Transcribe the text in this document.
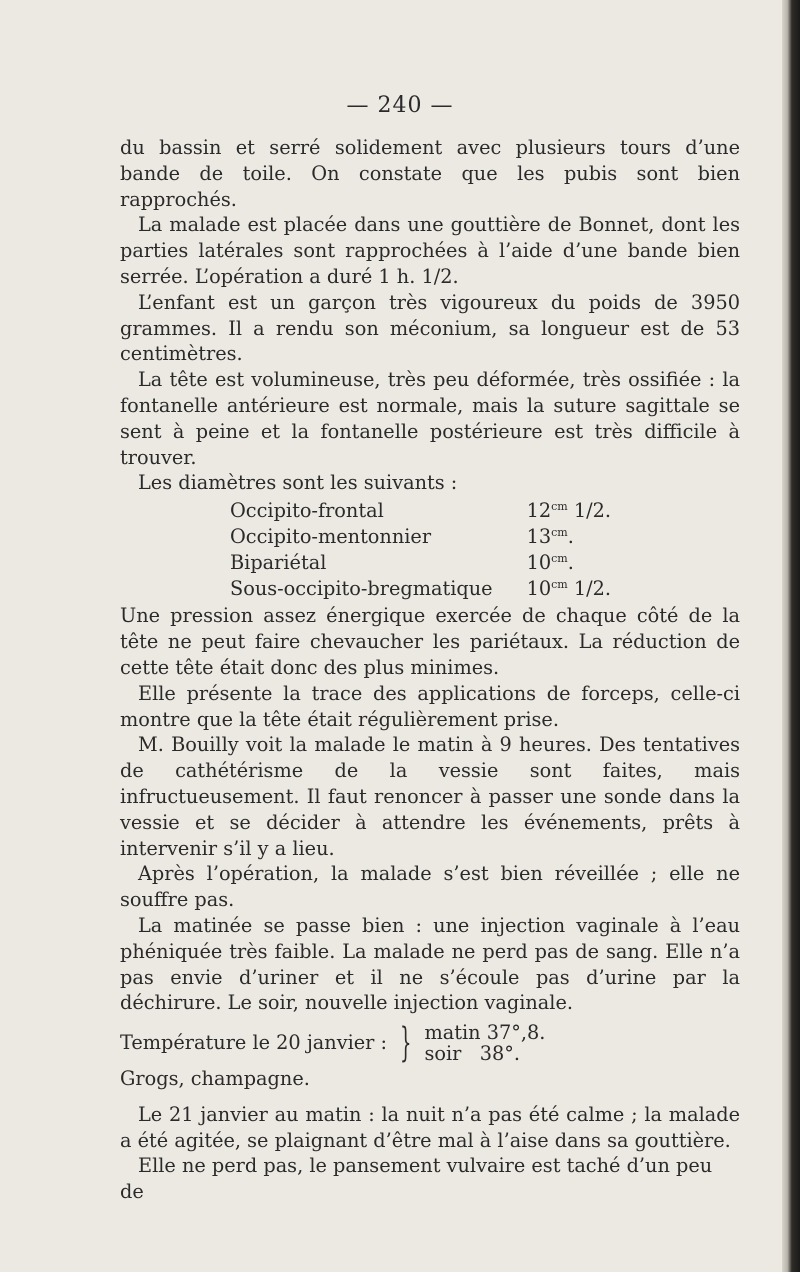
— 240 —

du bassin et serré solidement avec plusieurs tours d’une bande de toile. On constate que les pubis sont bien rapprochés.

La malade est placée dans une gouttière de Bonnet, dont les parties latérales sont rapprochées à l’aide d’une bande bien serrée. L’opération a duré 1 h. 1/2.

L’enfant est un garçon très vigoureux du poids de 3950 grammes. Il a rendu son méconium, sa longueur est de 53 centimètres.

La tête est volumineuse, très peu déformée, très ossifiée : la fontanelle antérieure est normale, mais la suture sagittale se sent à peine et la fontanelle postérieure est très difficile à trouver.

Les diamètres sont les suivants :

Occipito-frontal	$12^{cm}$ 1/2.
Occipito-mentonnier	$13^{cm}$.
Bipariétal	$10^{cm}$.
Sous-occipito-bregmatique	$10^{cm}$ 1/2.

Une pression assez énergique exercée de chaque côté de la tête ne peut faire chevaucher les pariétaux. La réduction de cette tête était donc des plus minimes.

Elle présente la trace des applications de forceps, celle-ci montre que la tête était régulièrement prise.

M. Bouilly voit la malade le matin à 9 heures. Des tentatives de cathétérisme de la vessie sont faites, mais infructueusement. Il faut renoncer à passer une sonde dans la vessie et se décider à attendre les événements, prêts à intervenir s’il y a lieu.

Après l’opération, la malade s’est bien réveillée ; elle ne souffre pas.

La matinée se passe bien : une injection vaginale à l’eau phéniquée très faible. La malade ne perd pas de sang. Elle n’a pas envie d’uriner et il ne s’écoule pas d’urine par la déchirure. Le soir, nouvelle injection vaginale.

Température le 20 janvier : } matin 37°,8.
soir   38°.

Grogs, champagne.

Le 21 janvier au matin : la nuit n’a pas été calme ; la malade a été agitée, se plaignant d’être mal à l’aise dans sa gouttière.

Elle ne perd pas, le pansement vulvaire est taché d’un peu de
